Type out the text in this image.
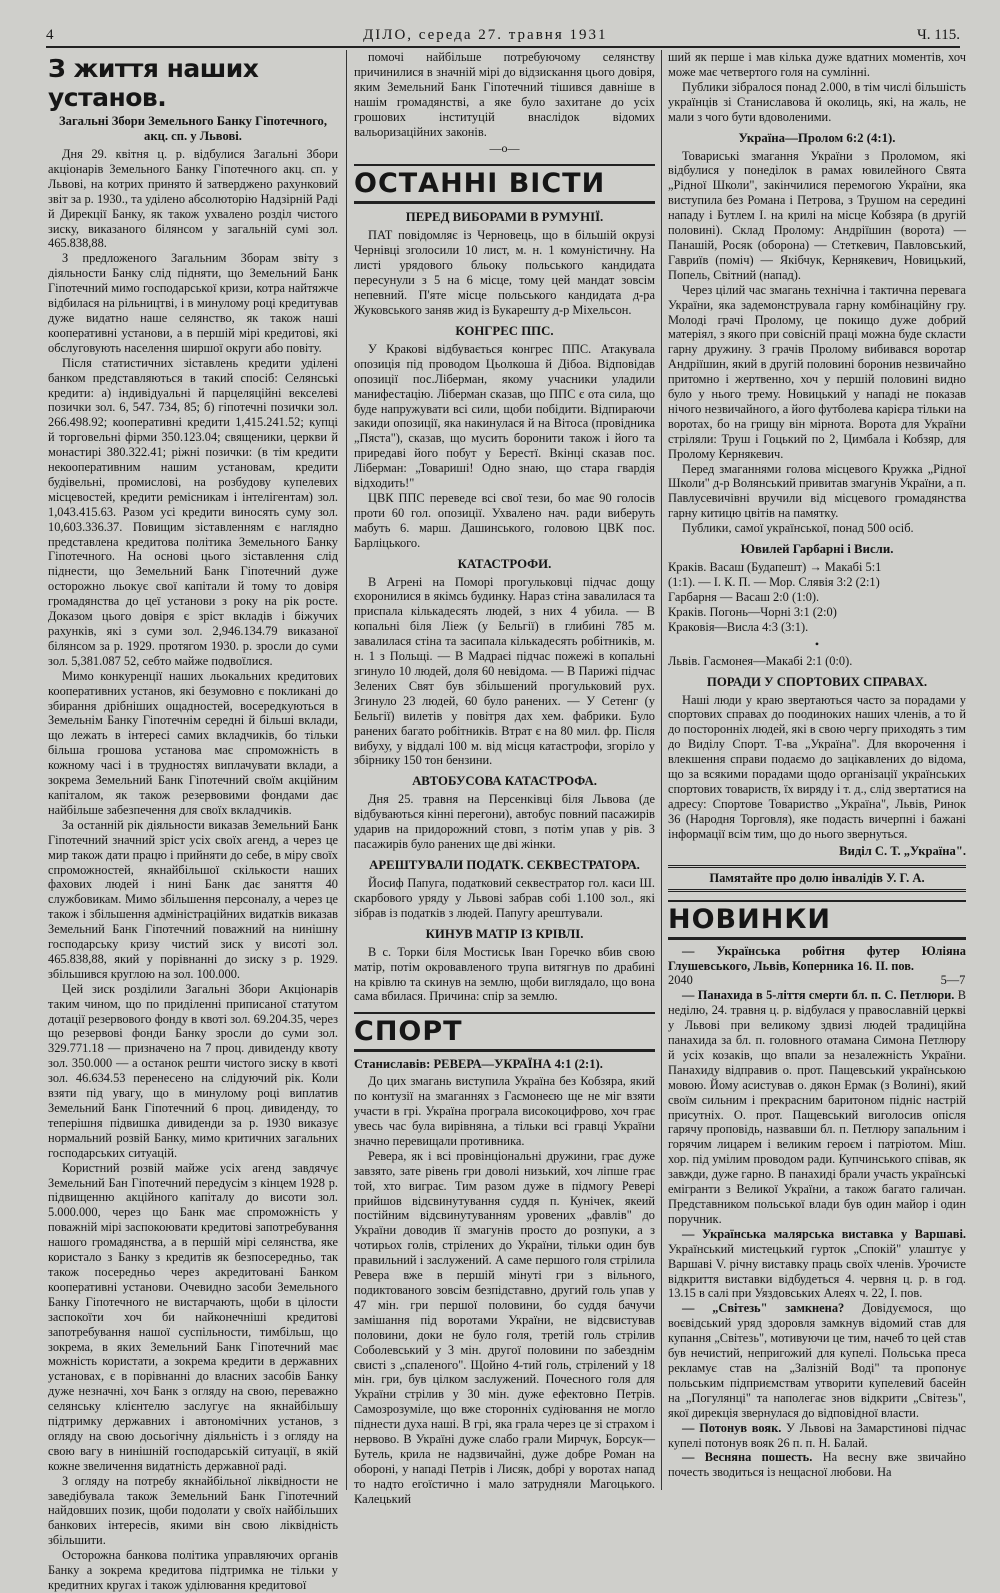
4	ДІЛО, середа 27. травня 1931	Ч. 115.
З життя наших установ.
Загальні Збори Земельного Банку Гіпотечного, акц. сп. у Львові.

Дня 29. квітня ц. р. відбулися Загальні Збори акціонарів Земельного Банку Гіпотечного акц. сп. у Львові, на котрих принято й затверджено рахунковий звіт за р. 1930., та уділено абсолюторію Надзірній Раді й Дирекції Банку, як також ухвалено розділ чистого зиску, виказаного білянсом у загальній сумі зол. 465.838,88.

З предложеного Загальним Зборам звіту з діяльности Банку слід підняти, що Земельний Банк Гіпотечний мимо господарської кризи, котра найтяжче відбилася на рільництві, і в минулому році кредитував дуже видатно наше селянство, як також наші кооперативні установи, а в першій мірі кредитові, які обслуговують населення ширшої округи або повіту.

Після статистичних зіставлень кредити уділені банком представляються в такий спосіб: Селянські кредити: а) індивідуальні й парцеляційні векселеві позички зол. 6, 547. 734, 85; б) гіпотечні позички зол. 266.498.92; кооперативні кредити 1,415.241.52; купці й торговельні фірми 350.123.04; священики, церкви й монастирі 380.322.41; ріжні позички: (в тім кредити некооперативним нашим установам, кредити будівельні, промислові, на розбудову купелевих місцевостей, кредити ремісникам і інтелігентам) зол. 1,043.415.63. Разом усі кредити виносять суму зол. 10,603.336.37. Повищим зіставленням є наглядно представлена кредитова політика Земельного Банку Гіпотечного. На основі цього зіставлення слід піднести, що Земельний Банк Гіпотечний дуже осторожно льокує свої капітали й тому то довіря громадянства до цеї установи з року на рік росте. Доказом цього довіря є зріст вкладів і біжучих рахунків, які з суми зол. 2,946.134.79 виказаної білянсом за р. 1929. протягом 1930. р. зросли до суми зол. 5,381.087 52, себто майже подвоїлися.

Мимо конкуренції наших льокальних кредитових кооперативних установ, які безумовно є покликані до збирання дрібніших ощадностей, восередкуються в Земельнім Банку Гіпотечнім середні й більші вклади, що лежать в інтересі самих вкладчиків, бо тільки більша грошова установа має спроможність в кожному часі і в трудностях виплачувати вклади, а зокрема Земельний Банк Гіпотечний своїм акційним капіталом, як також резервовими фондами дає найбільше забезпечення для своїх вкладчиків.

За останній рік діяльности виказав Земельний Банк Гіпотечний значний зріст усіх своїх агенд, а через це мир також дати працю і прийняти до себе, в міру своїх спроможностей, якнайбільшої скількости наших фахових людей і нині Банк дає заняття 40 службовикам. Мимо збільшення персоналу, а через це також і збільшення адміністраційних видатків виказав Земельний Банк Гіпотечний поважний на нинішну господарську кризу чистий зиск у висоті зол. 465.838,88, який у порівнанні до зиску з р. 1929. збільшився круглою на зол. 100.000.

Цей зиск розділили Загальні Збори Акціонарів таким чином, що по приділенні приписаної статутом дотації резервового фонду в квоті зол. 69.204.35, через що резервові фонди Банку зросли до суми зол. 329.771.18 — призначено на 7 проц. дивиденду квоту зол. 350.000 — а останок решти чистого зиску в квоті зол. 46.634.53 перенесено на слідуючий рік. Коли взяти під увагу, що в минулому році виплатив Земельний Банк Гіпотечний 6 проц. дивиденду, то теперішня підвишка дивиденди за р. 1930 виказує нормальний розвій Банку, мимо критичних загальних господарських ситуацій.

Користний розвій майже усіх агенд завдячує Земельний Бан Гіпотечний передусім з кінцем 1928 р. підвищенню акційного капіталу до висоти зол. 5.000.000, через що Банк має спроможність у поважній мірі заспокоювати кредитові запотребування нашого громадянства, а в першій мірі селянства, яке користало з Банку з кредитів як безпосередньо, так також посередньо через акредитовані Банком кооперативні установи. Очевидно засоби Земельного Банку Гіпотечного не вистарчають, щоби в цілости заспокоїти хоч би найконечніші кредитові запотребування нашої суспільности, тимбільш, що зокрема, в яких Земельний Банк Гіпотечний має можність користати, а зокрема кредити в державних установах, є в порівнанні до власних засобів Банку дуже незначні, хоч Банк з огляду на свою, переважно селянську клієнтелю заслугує на якнайбільшу підтримку державних і автономічних установ, з огляду на свою досьогічну діяльність і з огляду на свою вагу в нинішній господарській ситуації, в якій кожне звеличення видатність державної раді.

З огляду на потребу якнайбільної ліквідности не заведібувала також Земельний Банк Гіпотечний найдовших позик, щоби подолати у своїх найбільших банкових інтересів, якими він свою ліквідність збільшити.

Осторожна банкова політика управляючих органів Банку а зокрема кредитова підтримка не тільки у кредитних кругах і також уділювання кредитової

помочі найбільше потребуючому селянству причинилися в значній мірі до відзискання цього довіря, яким Земельний Банк Гіпотечний тішився давніше в нашім громадянстві, а яке було захитане до усіх грошових інституцій внаслідок відомих вальоризаційних законів.

—о—
ОСТАННІ ВІСТИ
ПЕРЕД ВИБОРАМИ В РУМУНІЇ.

ПАТ повідомляє із Черновець, що в більшій окрузі Чернівці зголосили 10 лист, м. н. 1 комуністичну. На листі урядового бльоку польського кандидата пересунули з 5 на 6 місце, тому цей мандат зовсім непевний. П'яте місце польського кандидата д-ра Жуковського заняв жид із Букарешту д-р Міхельсон.

КОНГРЕС ППС.

У Кракові відбувається конгрес ППС. Атакувала опозиція під проводом Цьолкоша й Дібоа. Відповідав опозиції пос.Ліберман, якому учасники уладили манифестацію. Ліберман сказав, що ППС є ота сила, що буде напружувати всі сили, щоби побідити. Відпираючи закиди опозиції, яка накинулася й на Вітоса (провідника „Пяста"), сказав, що мусить боронити також і його та приредаві його побут у Берестї. Вкінці сказав пос. Ліберман: „Товариші! Одно знаю, що стара гвардія відходить!"

ЦВК ППС переведе всі свої тези, бо має 90 голосів проти 60 гол. опозиції. Ухвалено нач. ради виберуть мабуть 6. марш. Дашинського, головою ЦВК пос. Барліцького.

КАТАСТРОФИ.

В Агрені на Поморі прогульковці підчас дощу єхоронилися в якімсь будинку. Нараз стіна завалилася та приспала кількадесять людей, з них 4 убила. — В копальні біля Ліеж (у Бельгії) в глибині 785 м. завалилася стіна та засипала кількадесять робітників, м. н. 1 з Польщі. — В Мадраєі підчас пожежі в копальні згинуло 10 людей, доля 60 невідома. — В Парижі підчас Зелених Свят був збільшений прогульковий рух. Згинуло 23 людей, 60 було ранених. — У Сетенг (у Бельгії) вилетів у повітря дах хем. фабрики. Було ранених багато робітників. Втрат є на 80 мил. фр. Після вибуху, у віддалі 100 м. від місця катастрофи, згоріло у збірнику 150 тон бензини.

АВТОБУСОВА КАТАСТРОФА.

Дня 25. травня на Персенківці біля Львова (де відбуваються кінні перегони), автобус повний пасажирів ударив на придорожний стовп, з потім упав у рів. З пасажирів було ранених ще дві жінки.

АРЕШТУВАЛИ ПОДАТК. СЕКВЕСТРАТОРА.

Йосиф Папуга, податковий секвестратор гол. каси Ш. скарбового уряду у Львові забрав собі 1.100 зол., які зібрав із податків з людей. Папугу арештували.

КИНУВ МАТІР ІЗ КРІВЛІ.

В с. Торки біля Мостиськ Іван Горечко вбив свою матір, потім окровавленого трупа витягнув по драбині на крівлю та скинув на землю, щоби виглядало, що вона сама вбилася. Причина: спір за землю.

СПОРТ
Станиславів: РЕВЕРА—УКРАЇНА 4:1 (2:1).

До цих змагань виступила Україна без Кобзяра, який по контузії на змаганнях з Гасмонеєю ще не міг взяти участи в грі. Україна програла високоцифрово, хоч грає увесь час була вирівняна, а тільки всі гравці України значно перевищали противника.

Ревера, як і всі провінціональні дружини, грає дуже завзято, зате рівень гри доволі низький, хоч ліпше грає той, хто виграє. Тим разом дуже в підмогу Ревері прийшов відсвинутування суддя п. Кунічек, якеий постійним відсвинутуванням уровених „фавлів" до України доводив її змагунів просто до розпуки, а з чотирьох голів, стрілених до України, тільки один був правильний і заслужений. А саме першого голя стрілила Ревера вже в першій мінуті гри з вільного, подиктованого зовсім безпідставно, другий голь упав у 47 мін. гри першої половини, бо суддя бачучи замішання під воротами України, не відсвистував половини, доки не було голя, третій голь стрілив Соболевський у 3 мін. другої половини по забезднім свисті з „спаленого". Щойно 4-тий голь, стрілений у 18 мін. гри, був цілком заслужений. Почесного голя для України стрілив у 30 мін. дуже ефектовно Петрів. Самозрозуміле, що вже сторонніх судіювання не могло піднести духа наші. В грі, яка грала через це зі страхом і нервово. В Україні дуже слабо грали Мирчук, Борсук—Бутель, крила не надзвичайні, дуже добре Роман на обороні, у нападі Петрів і Лисяк, добрі у воротах напад то надто егоїстичнo і мало затрудняли Магоцького. Калецький

ший як перше і мав кілька дуже вдатних моментів, хоч може має четвертого голя на сумлінні.

Публики зібралося понад 2.000, в тім числі більшість українців зі Станиславова й околиць, які, на жаль, не мали з чого бути вдоволеними.

Україна—Пролом 6:2 (4:1).

Товариські змагання України з Проломом, які відбулися у понеділок в рамах ювилейного Свята „Рідної Школи", закінчилися перемогою України, яка виступила без Романа і Петрова, з Трушом на середині нападу і Бутлем І. на крилі на місце Кобзяра (в другій половині). Склад Пролому: Андріїшин (ворота) — Панашій, Росяк (оборона) — Стеткевич, Павловський, Гавриїв (поміч) — Якібчук, Кернякевич, Новицький, Попель, Світний (напад).

Через цілий час змагань технічна і тактична перевага України, яка задемонструвала гарну комбінаційну гру. Молоді грачі Пролому, це покищо дуже добрий матеріял, з якого при совісній праці можна буде скласти гарну дружину. З грачів Пролому вибивався воротар Андріїшин, який в другій половині боронив незвичайно притомно і жертвенно, хоч у першій половині видно було у нього трему. Новицький у нападі не показав нічого незвичайного, а його футболева карієра тільки на воротах, бо на грищу він мірнота. Ворота для України стріляли: Труш і Гоцький по 2, Цимбала і Кобзяр, для Пролому Кернякевич.

Перед змаганнями голова місцевого Кружка „Рідної Школи" д-р Волянський привитав змагунів України, а п. Павлусевичівні вручили від місцевого громадянства гарну китицю цвітів на памятку.

Публики, самої української, понад 500 осіб.

Ювилей Гарбарні і Висли.
Краків. Васаш (Будапешт) → Макабі 5:1
(1:1). — І. К. П. — Мор. Слявія 3:2 (2:1)
Гарбарня — Васаш 2:0 (1:0).
Краків. Погонь—Чорні 3:1 (2:0)
Краковія—Висла 4:3 (3:1).
•
Львів. Гасмонея—Макабі 2:1 (0:0).
ПОРАДИ У СПОРТОВИХ СПРАВАХ.

Наші люди у краю звертаються часто за порадами у спортових справах до поодиноких наших членів, а то й до посторонніх людей, які в свою чергу приходять з тим до Виділу Спорт. Т-ва „Україна". Для вкорочення і влекшення справи подаємо до зацікавлених до відома, що за всякими порадами щодо організації українських спортових товариств, їх виряду і т. д., слід звертатися на адресу: Спортове Товариство „Україна", Львів, Ринок 36 (Народня Торговля), яке подасть вичерпні і бажані інформації всім тим, що до нього звернуться.

Виділ С. Т. „Україна".
Памятайте про долю інвалідів У. Г. А.
НОВИНКИ

— Українська робітня футер Юліяна Глушевського, Львів, Коперника 16. II. пов.

2040                                                                                5—7

— Панахида в 5-ліття смерти бл. п. С. Петлюри. В неділю, 24. травня ц. р. відбулася у православній церкві у Львові при великому здвизі людей традиційна панахида за бл. п. головного отамана Симона Петлюру й усіх козаків, що впали за незалежність України. Панахиду відправив о. прот. Пащевський українською мовою. Йому асистував о. дякон Ермак (з Волині), який своїм сильним і прекрасним баритоном підніс настрій присутніх. О. прот. Пащевський виголосив опісля гарячу проповідь, назвавши бл. п. Петлюру запальним і горячим лицарем і великим героєм і патріотом. Міш. хор. під умілим проводом ради. Купчинського співав, як завжди, дуже гарно. В панахиді брали участь українські емігранти з Великої України, а також багато галичан. Представником польської влади був один майор і один поручник.

— Українська малярська виставка у Варшаві. Український мистецький гурток „Спокій" улаштує у Варшаві V. річну виставку праць своїх членів. Урочисте відкриття виставки відбудеться 4. червня ц. р. в год. 13.15 в салі при Уяздовських Алеях ч. 22, I. пов.

— „Світезь" замкнена? Довідуємося, що воєвідський уряд здоровля замкнув відомий став для купання „Світезь", мотивуючи це тим, начеб то цей став був нечистий, непригожий для купелі. Польська преса рекламує став на „Залізній Воді" та пропонує польським підприємствам утворити купелевий басейн на „Погулянці" та наполегає знов відкрити „Світезь", якої дирекція звернулася до відповідної власти.

— Потонув вояк. У Львові на Замарстинові підчас купелі потонув вояк 26 п. п. Н. Балай.

— Весняна пошесть. На весну вже звичайно почесть зводиться із нещасної любови. На
